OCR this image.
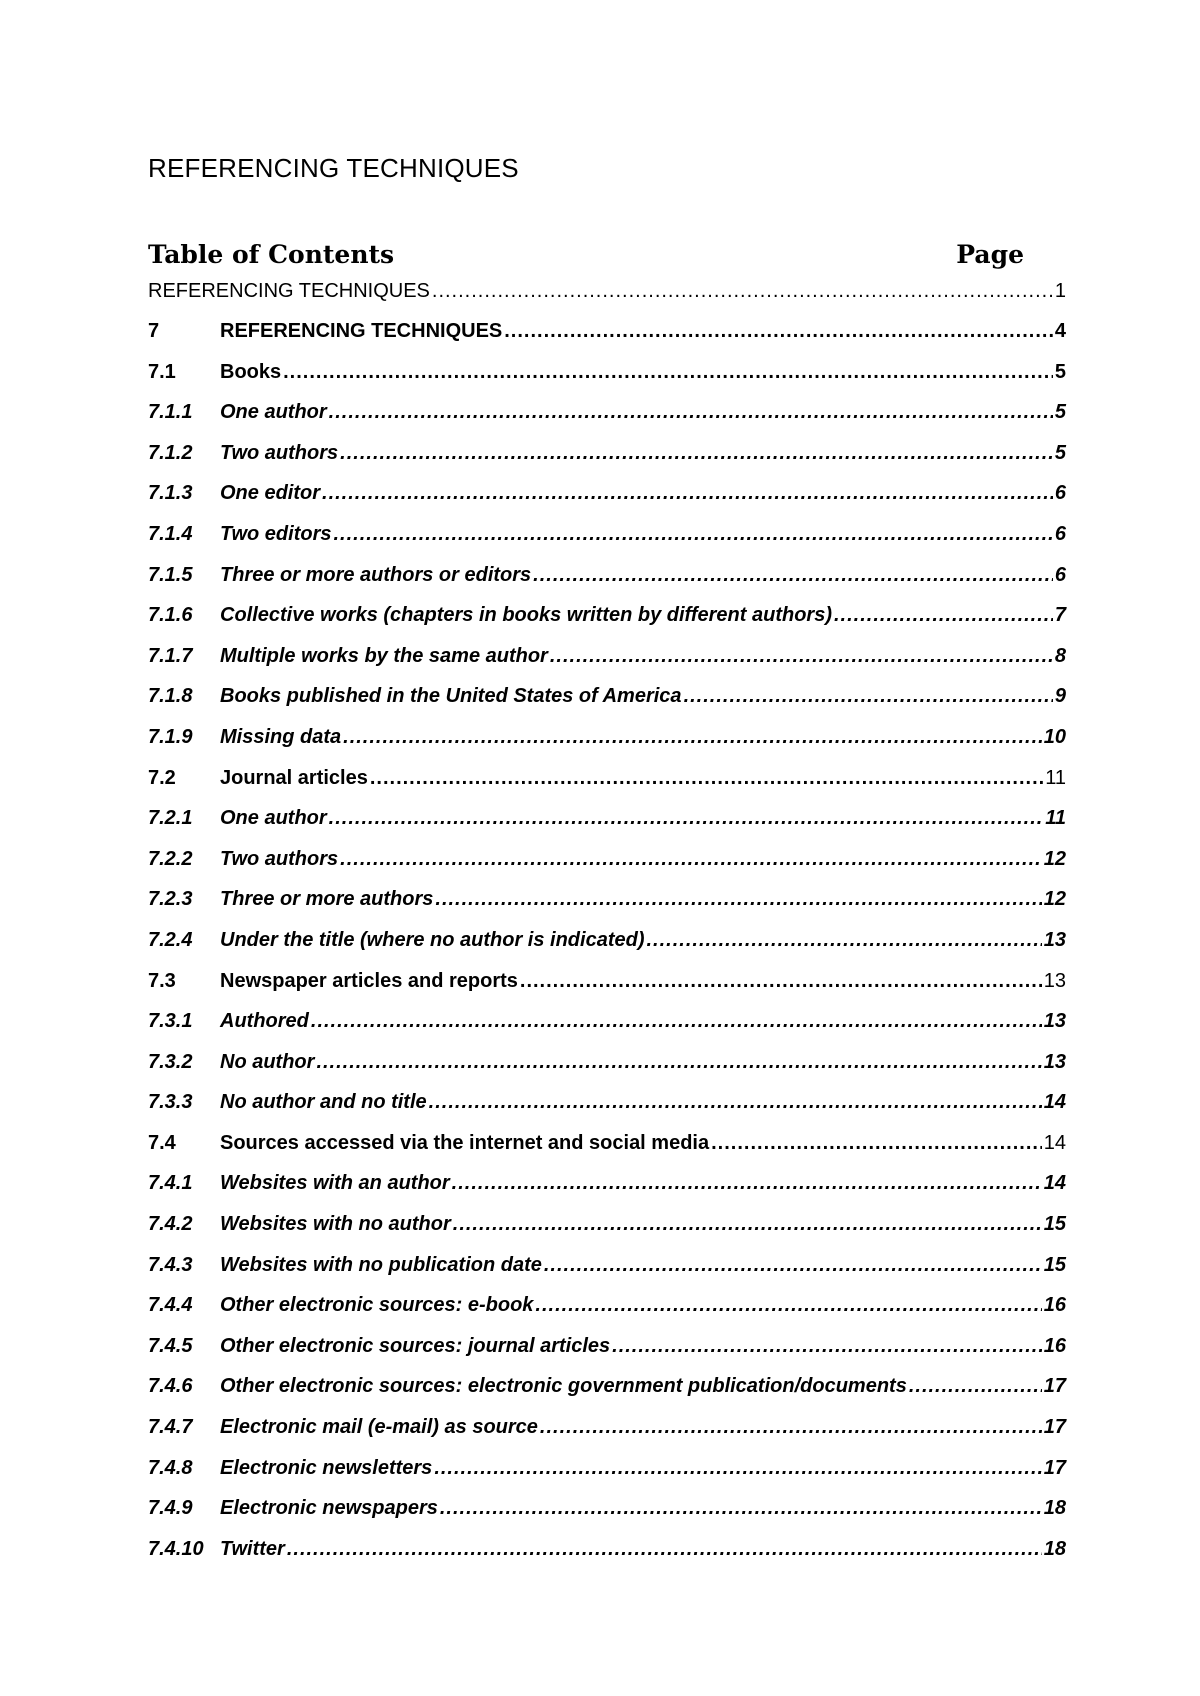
REFERENCING TECHNIQUES
Table of Contents	Page
REFERENCING TECHNIQUES .....	1
7	REFERENCING TECHNIQUES .....	4
7.1	Books .....	5
7.1.1	One author .....	5
7.1.2	Two authors .....	5
7.1.3	One editor .....	6
7.1.4	Two editors .....	6
7.1.5	Three or more authors or editors .....	6
7.1.6	Collective works (chapters in books written by different authors) .....	7
7.1.7	Multiple works by the same author .....	8
7.1.8	Books published in the United States of America .....	9
7.1.9	Missing data .....	10
7.2	Journal articles .....	11
7.2.1	One author .....	11
7.2.2	Two authors .....	12
7.2.3	Three or more authors .....	12
7.2.4	Under the title (where no author is indicated) .....	13
7.3	Newspaper articles and reports .....	13
7.3.1	Authored .....	13
7.3.2	No author .....	13
7.3.3	No author and no title .....	14
7.4	Sources accessed via the internet and social media .....	14
7.4.1	Websites with an author .....	14
7.4.2	Websites with no author .....	15
7.4.3	Websites with no publication date .....	15
7.4.4	Other electronic sources: e-book .....	16
7.4.5	Other electronic sources: journal articles .....	16
7.4.6	Other electronic sources: electronic government publication/documents .....	17
7.4.7	Electronic mail (e-mail) as source .....	17
7.4.8	Electronic newsletters .....	17
7.4.9	Electronic newspapers .....	18
7.4.10 Twitter .....	18
